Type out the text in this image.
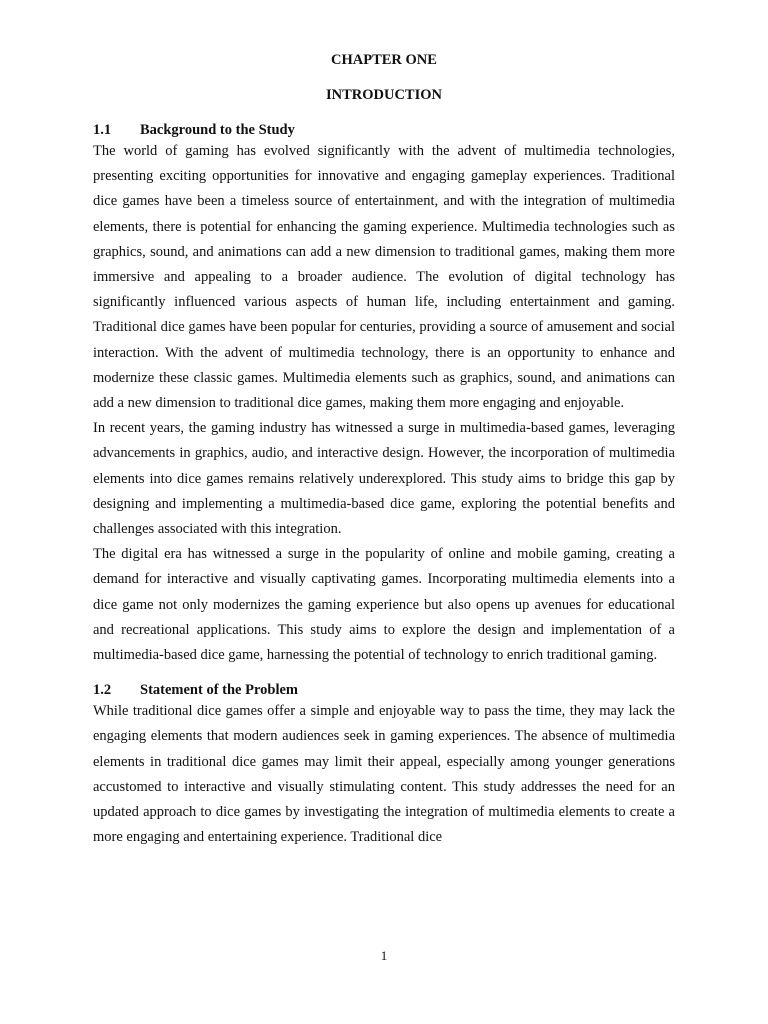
CHAPTER ONE
INTRODUCTION
1.1	Background to the Study

The world of gaming has evolved significantly with the advent of multimedia technologies, presenting exciting opportunities for innovative and engaging gameplay experiences. Traditional dice games have been a timeless source of entertainment, and with the integration of multimedia elements, there is potential for enhancing the gaming experience. Multimedia technologies such as graphics, sound, and animations can add a new dimension to traditional games, making them more immersive and appealing to a broader audience. The evolution of digital technology has significantly influenced various aspects of human life, including entertainment and gaming. Traditional dice games have been popular for centuries, providing a source of amusement and social interaction. With the advent of multimedia technology, there is an opportunity to enhance and modernize these classic games. Multimedia elements such as graphics, sound, and animations can add a new dimension to traditional dice games, making them more engaging and enjoyable.

In recent years, the gaming industry has witnessed a surge in multimedia-based games, leveraging advancements in graphics, audio, and interactive design. However, the incorporation of multimedia elements into dice games remains relatively underexplored. This study aims to bridge this gap by designing and implementing a multimedia-based dice game, exploring the potential benefits and challenges associated with this integration.

The digital era has witnessed a surge in the popularity of online and mobile gaming, creating a demand for interactive and visually captivating games. Incorporating multimedia elements into a dice game not only modernizes the gaming experience but also opens up avenues for educational and recreational applications. This study aims to explore the design and implementation of a multimedia-based dice game, harnessing the potential of technology to enrich traditional gaming.

1.2	Statement of the Problem

While traditional dice games offer a simple and enjoyable way to pass the time, they may lack the engaging elements that modern audiences seek in gaming experiences. The absence of multimedia elements in traditional dice games may limit their appeal, especially among younger generations accustomed to interactive and visually stimulating content. This study addresses the need for an updated approach to dice games by investigating the integration of multimedia elements to create a more engaging and entertaining experience. Traditional dice

1
